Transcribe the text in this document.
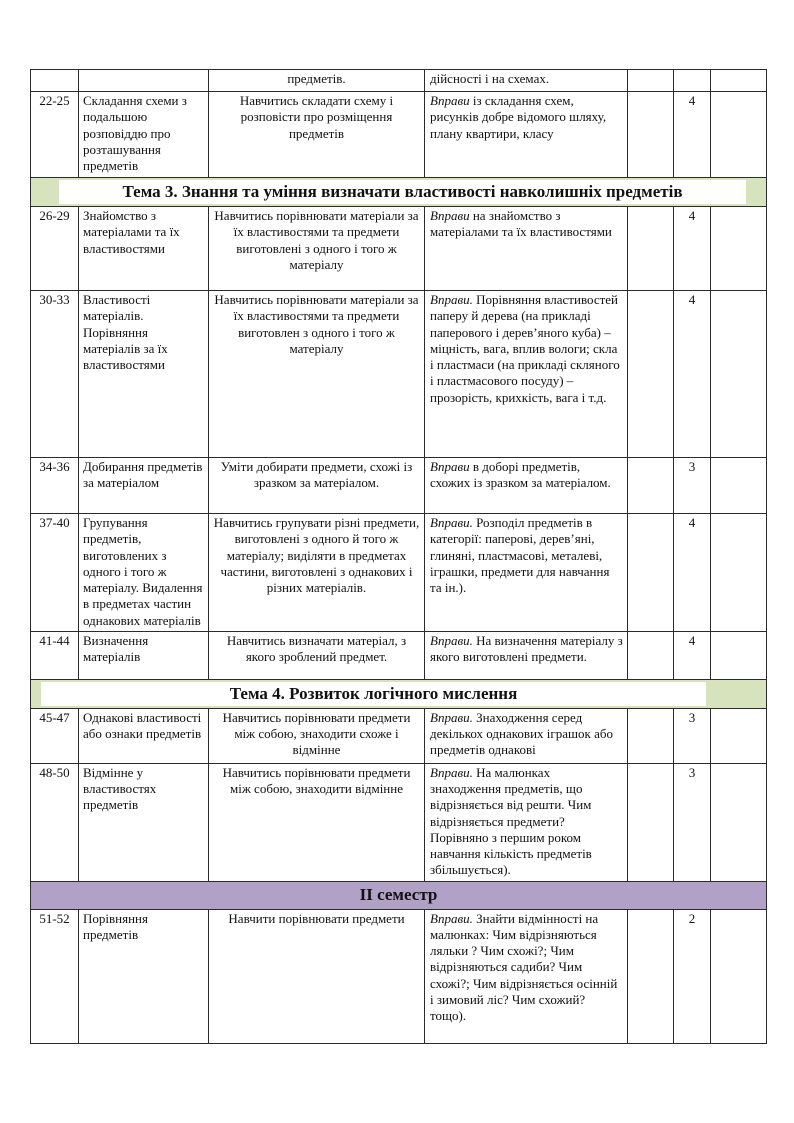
		предметів.	дійсності і на схемах.			
22-25	Складання схеми з подальшою розповіддю про розташування предметів	Навчитись складати схему і розповісти про розміщення предметів	Вправи із складання схем, рисунків добре відомого шляху, плану квартири, класу		4	

Тема 3. Знання та уміння визначати властивості навколишніх предметів						

26-29	Знайомство з матеріалами та їх властивостями	Навчитись порівнювати матеріали за їх властивостями та предмети виготовлені з одного і того ж матеріалу	Вправи на знайомство з матеріалами та їх властивостями		4	
30-33	Властивості матеріалів. Порівняння матеріалів за їх властивостями	Навчитись порівнювати матеріали за їх властивостями та предмети виготовлен з одного і того ж матеріалу	Вправи. Порівняння властивостей паперу й дерева (на прикладі паперового і дерев’яного куба) – міцність, вага, вплив вологи; скла і пластмаси (на прикладі скляного і пластмасового посуду) – прозорість, крихкість, вага і т.д.		4	
34-36	Добирання предметів за матеріалом	Уміти добирати предмети, схожі із зразком за матеріалом.	Вправи в доборі предметів, схожих із зразком за матеріалом.		3	
37-40	Групування предметів, виготовлених з одного і того ж матеріалу. Видалення в предметах частин однакових матеріалів	Навчитись групувати різні предмети, виготовлені з одного й того ж матеріалу; виділяти в предметах частини, виготовлені з однакових і різних матеріалів.	Вправи. Розподіл предметів в категорії: паперові, дерев’яні, глиняні, пластмасові, металеві, іграшки, предмети для навчання та ін.).		4	
41-44	Визначення матеріалів	Навчитись визначати матеріал, з якого зроблений предмет.	Вправи. На визначення матеріалу з якого виготовлені предмети.		4	

Тема 4. Розвиток логічного мислення						

45-47	Однакові властивості або ознаки предметів	Навчитись порівнювати предмети між собою, знаходити схоже і відмінне	Вправи. Знаходження серед декількох однакових іграшок або предметів однакові		3	
48-50	Відмінне у властивостях предметів	Навчитись порівнювати предмети між собою, знаходити відмінне	Вправи. На малюнках знаходження предметів, що відрізняється від решти. Чим відрізняється предмети? Порівняно з першим роком навчання кількість предметів збільшується).		3	
ІІ семестр						
51-52	Порівняння предметів	Навчити порівнювати предмети	Вправи. Знайти відмінності на малюнках: Чим відрізняються ляльки ? Чим схожі?; Чим відрізняються садиби? Чим схожі?; Чим відрізняється осінній і зимовий ліс? Чим схожий? тощо).		2	
